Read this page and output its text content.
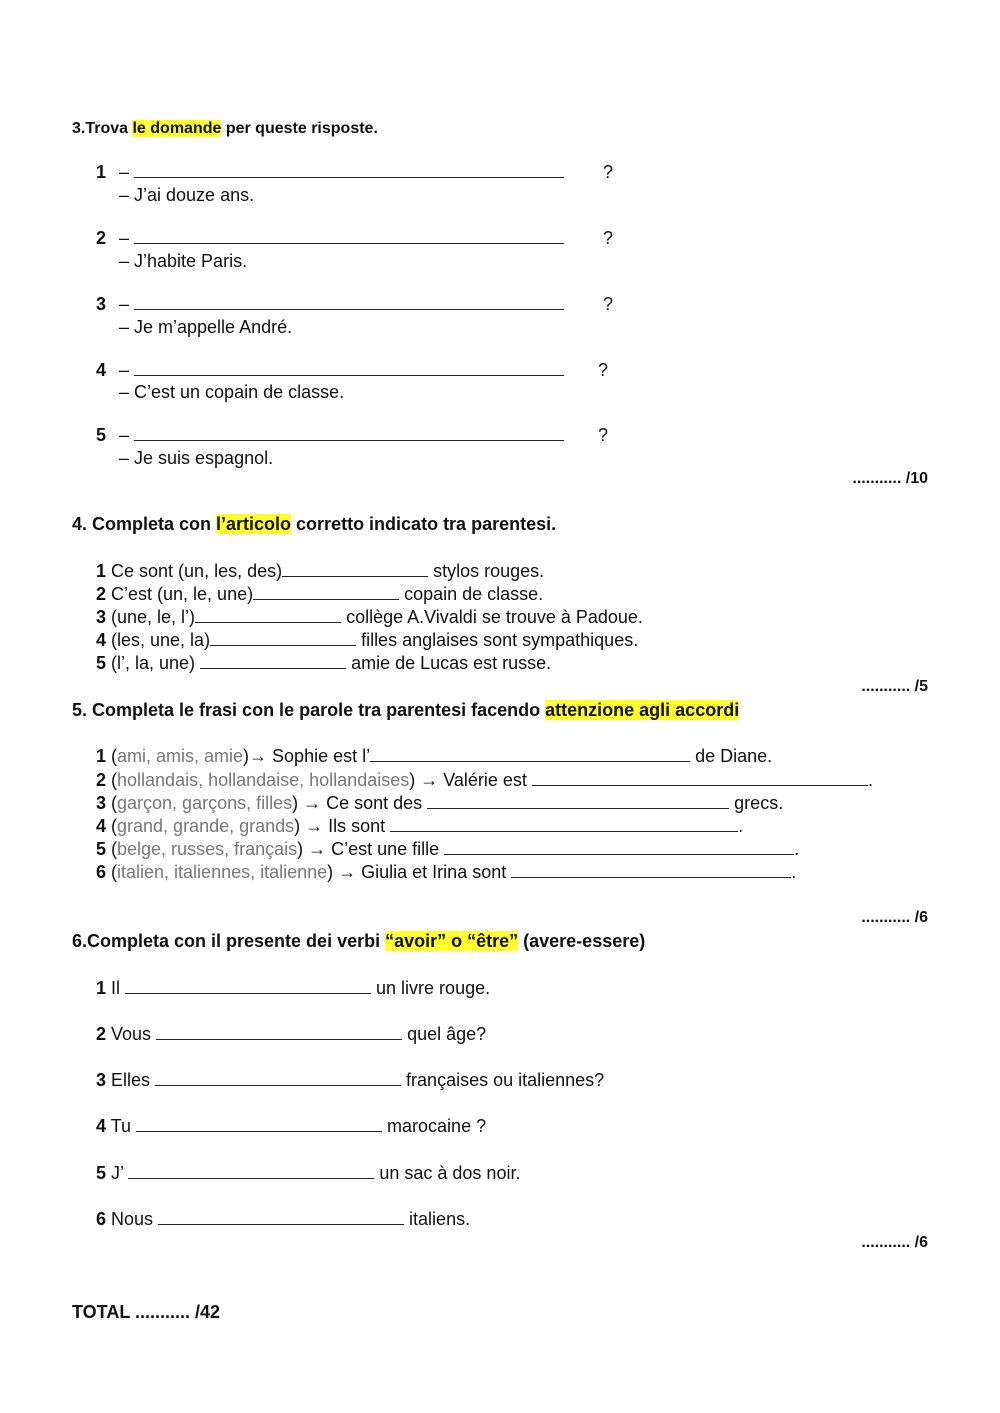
3.Trova le domande per queste risposte.
1 –	?
– J’ai douze ans.
2 –	?
– J’habite Paris.
3 –	?
– Je m’appelle André.
4 –	?
– C’est un copain de classe.
5 –	?
– Je suis espagnol.
........... /10
4. Completa con l’articolo corretto indicato tra parentesi.
1 Ce sont (un, les, des)	stylos rouges.
2 C’est (un, le, une)	copain de classe.
3 (une, le, l’)	collège A.Vivaldi se trouve à Padoue.
4 (les, une, la)	filles anglaises sont sympathiques.
5 (l’, la, une)	amie de Lucas est russe.
........... /5
5. Completa le frasi con le parole tra parentesi facendo attenzione agli accordi
1 (ami, amis, amie)→ Sophie est l’	de Diane.
2 (hollandais, hollandaise, hollandaises) → Valérie est	.
3 (garçon, garçons, filles) → Ce sont des	grecs.
4 (grand, grande, grands) → Ils sont	.
5 (belge, russes, français) → C’est une fille	.
6 (italien, italiennes, italienne) → Giulia et Irina sont	.
........... /6
6.Completa con il presente dei verbi “avoir” o “être” (avere-essere)
1 Il	un livre rouge.
2 Vous	quel âge?
3 Elles	françaises ou italiennes?
4 Tu	marocaine ?
5 J’	un sac à dos noir.
6 Nous	italiens.
........... /6
TOTAL ........... /42
